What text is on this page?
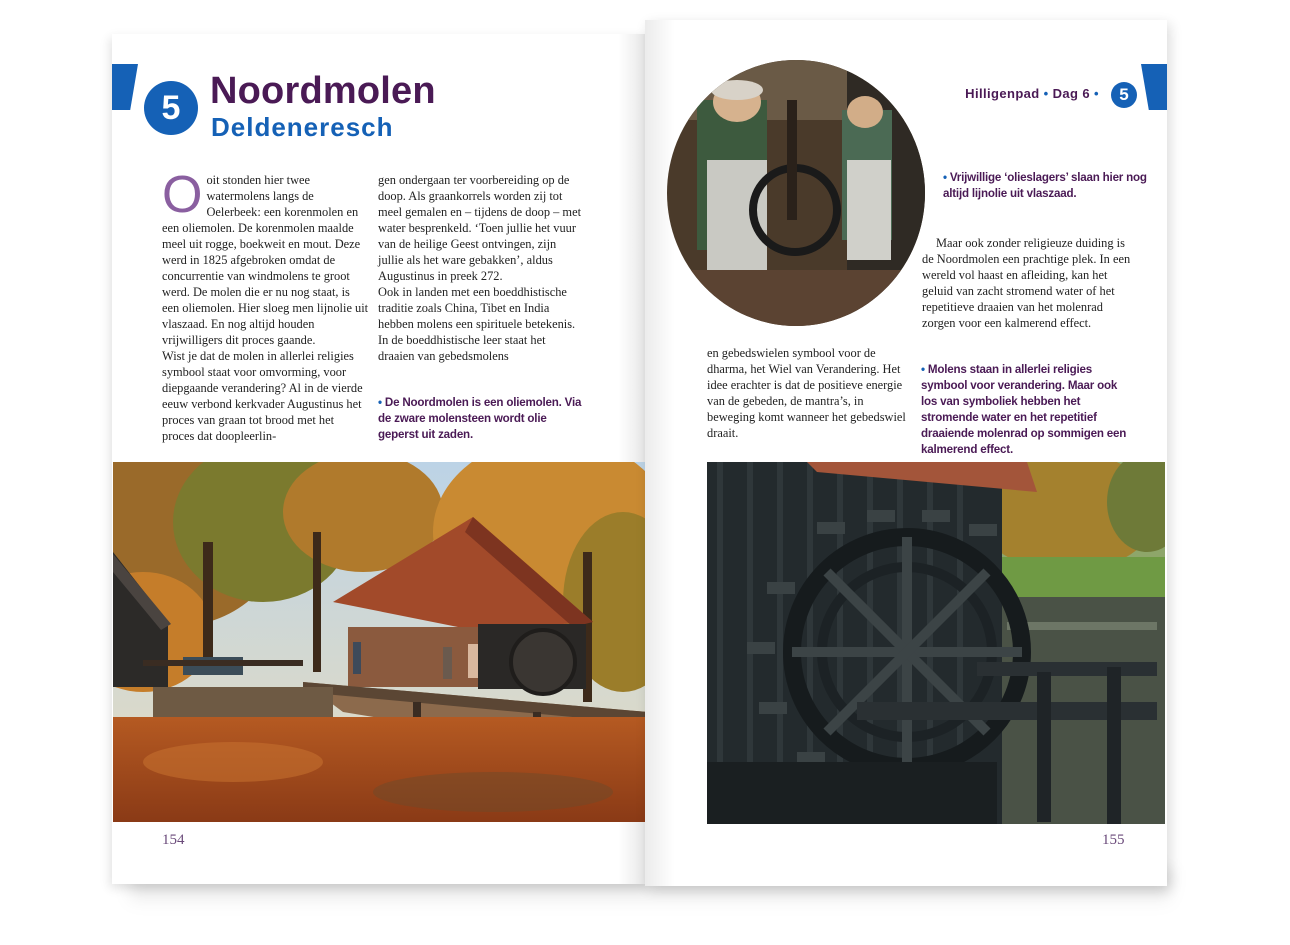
5 Noordmolen
Deldeneresch
O oit stonden hier twee watermolens langs de Oelerbeek: een korenmolen en een oliemolen. De korenmolen maalde meel uit rogge, boekweit en mout. Deze werd in 1825 afgebroken omdat de concurrentie van windmolens te groot werd. De molen die er nu nog staat, is een oliemolen. Hier sloeg men lijnolie uit vlaszaad. En nog altijd houden vrijwilligers dit proces gaande.

Wist je dat de molen in allerlei religies symbool staat voor omvorming, voor diepgaande verandering? Al in de vierde eeuw verbond kerkvader Augustinus het proces van graan tot brood met het proces dat doopleerlin-

gen ondergaan ter voorbereiding op de doop. Als graankorrels worden zij tot meel gemalen en – tijdens de doop – met water besprenkeld. ‘Toen jullie het vuur van de heilige Geest ontvingen, zijn jullie als het ware gebakken’, aldus Augustinus in preek 272.

Ook in landen met een boeddhistische traditie zoals China, Tibet en India hebben molens een spirituele betekenis. In de boeddhistische leer staat het draaien van gebedsmolens

• De Noordmolen is een oliemolen. Via de zware molensteen wordt olie geperst uit zaden.
154
5
Hilligenpad • Dag 6 •
• Vrijwillige ‘olieslagers’ slaan hier nog altijd lijnolie uit vlaszaad.

Maar ook zonder religieuze duiding is de Noordmolen een prachtige plek. In een wereld vol haast en afleiding, kan het geluid van zacht stromend water of het repetitieve draaien van het molenrad zorgen voor een kalmerend effect.

• Molens staan in allerlei religies symbool voor verandering. Maar ook los van symboliek hebben het stromende water en het repetitief draaiende molenrad op sommigen een kalmerend effect.

en gebedswielen symbool voor de dharma, het Wiel van Verandering. Het idee erachter is dat de positieve energie van de gebeden, de mantra’s, in beweging komt wanneer het gebedswiel draait.

155
